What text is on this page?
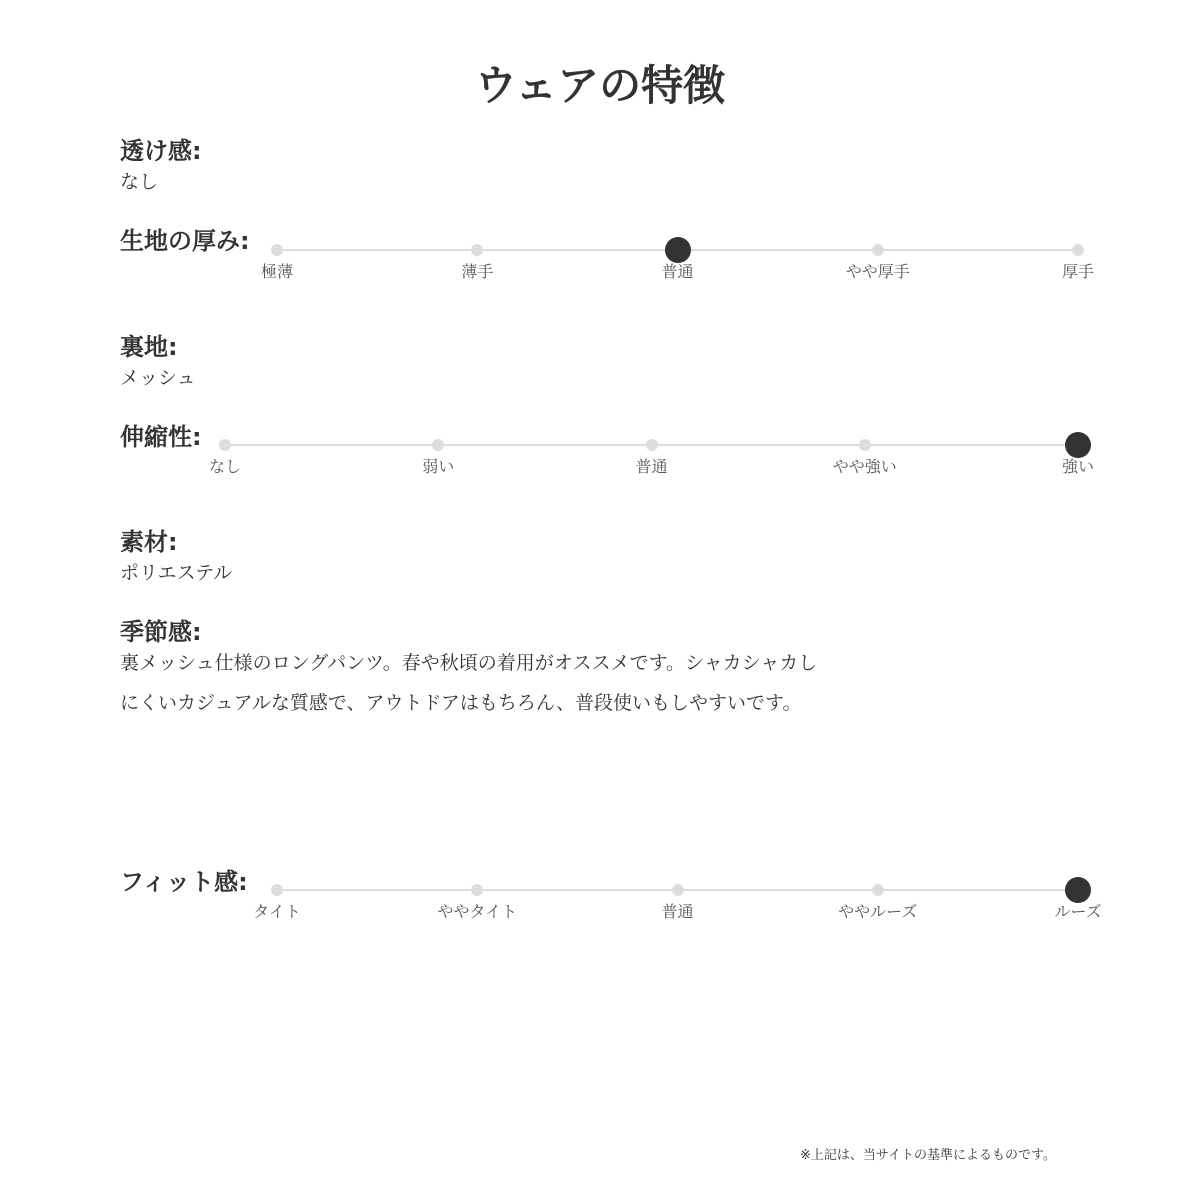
ウェアの特徴
透け感:
なし
生地の厚み:
裏地:
メッシュ
伸縮性:
素材:
ポリエステル
季節感:
裏メッシュ仕様のロングパンツ。春や秋頃の着用がオススメです。シャカシャカし
にくいカジュアルな質感で、アウトドアはもちろん、普段使いもしやすいです。
フィット感:
※上記は、当サイトの基準によるものです。
極薄	薄手	普通	やや厚手	厚手
なし	弱い	普通	やや強い	強い
タイト	ややタイト	普通	ややルーズ	ルーズ
